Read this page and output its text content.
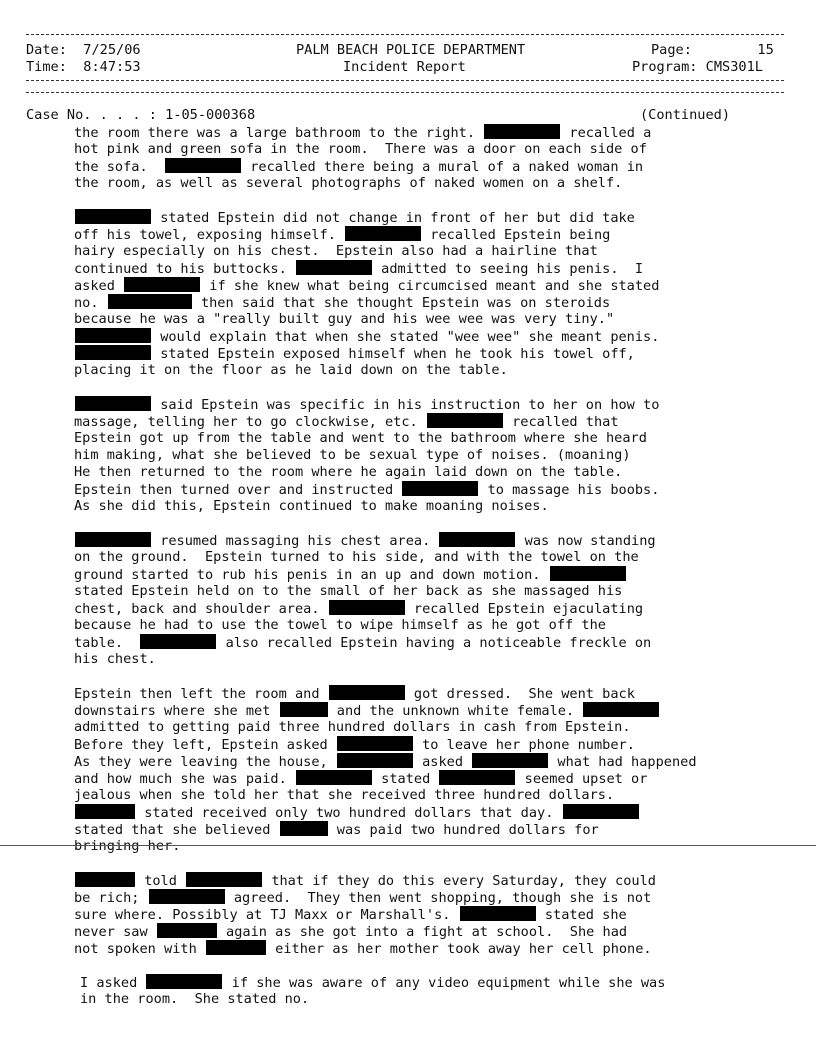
Date: 7/25/06
Time: 8:47:53
PALM BEACH POLICE DEPARTMENT
Incident Report
Page:	15
Program: CMS301L
Case No. . . . : 1-05-000368	(Continued)
the room there was a large bathroom to the right.	recalled a
hot pink and green sofa in the room.  There was a door on each side of
the sofa.	recalled there being a mural of a naked woman in
the room, as well as several photographs of naked women on a shelf.
stated Epstein did not change in front of her but did take
off his towel, exposing himself.	recalled Epstein being
hairy especially on his chest.  Epstein also had a hairline that
continued to his buttocks.	admitted to seeing his penis.  I
asked	if she knew what being circumcised meant and she stated
no.	then said that she thought Epstein was on steroids
because he was a "really built guy and his wee wee was very tiny."
would explain that when she stated "wee wee" she meant penis.
stated Epstein exposed himself when he took his towel off,
placing it on the floor as he laid down on the table.
said Epstein was specific in his instruction to her on how to
massage, telling her to go clockwise, etc.	recalled that
Epstein got up from the table and went to the bathroom where she heard
him making, what she believed to be sexual type of noises. (moaning)
He then returned to the room where he again laid down on the table.
Epstein then turned over and instructed	to massage his boobs.
As she did this, Epstein continued to make moaning noises.
resumed massaging his chest area.	was now standing
on the ground.  Epstein turned to his side, and with the towel on the
ground started to rub his penis in an up and down motion.
stated Epstein held on to the small of her back as she massaged his
chest, back and shoulder area.	recalled Epstein ejaculating
because he had to use the towel to wipe himself as he got off the
table.	also recalled Epstein having a noticeable freckle on
his chest.
Epstein then left the room and	got dressed.  She went back
downstairs where she met	and the unknown white female.
admitted to getting paid three hundred dollars in cash from Epstein.
Before they left, Epstein asked	to leave her phone number.
As they were leaving the house,	asked	what had happened
and how much she was paid.	stated	seemed upset or
jealous when she told her that she received three hundred dollars.
stated received only two hundred dollars that day.
stated that she believed	was paid two hundred dollars for
bringing her.
told	that if they do this every Saturday, they could
be rich;	agreed.  They then went shopping, though she is not
sure where. Possibly at TJ Maxx or Marshall's.	stated she
never saw	again as she got into a fight at school.  She had
not spoken with	either as her mother took away her cell phone.
I asked	if she was aware of any video equipment while she was
in the room.  She stated no.
